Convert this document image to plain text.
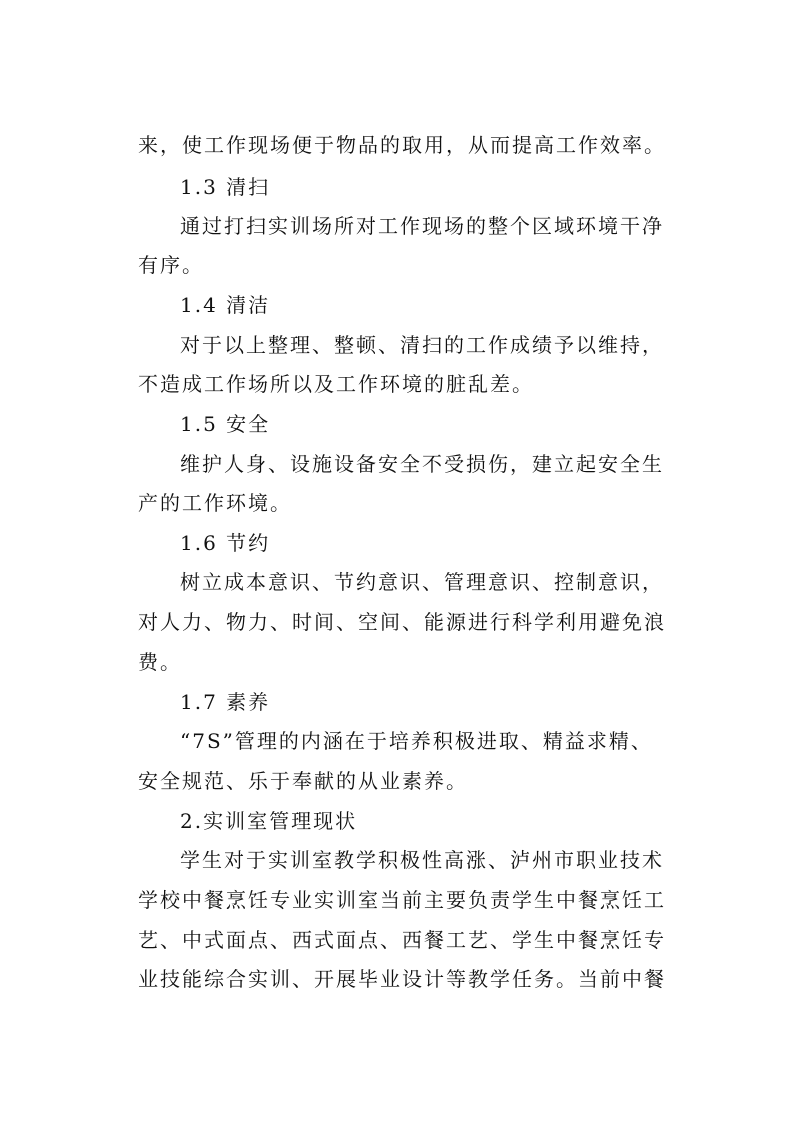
来，使工作现场便于物品的取用，从而提高工作效率。
1.3 清扫
通过打扫实训场所对工作现场的整个区域环境干净
有序。
1.4 清洁
对于以上整理、整顿、清扫的工作成绩予以维持，
不造成工作场所以及工作环境的脏乱差。
1.5 安全
维护人身、设施设备安全不受损伤，建立起安全生
产的工作环境。
1.6 节约
树立成本意识、节约意识、管理意识、控制意识，
对人力、物力、时间、空间、能源进行科学利用避免浪
费。
1.7 素养
“7S”管理的内涵在于培养积极进取、精益求精、
安全规范、乐于奉献的从业素养。
2.实训室管理现状
学生对于实训室教学积极性高涨、泸州市职业技术
学校中餐烹饪专业实训室当前主要负责学生中餐烹饪工
艺、中式面点、西式面点、西餐工艺、学生中餐烹饪专
业技能综合实训、开展毕业设计等教学任务。当前中餐
